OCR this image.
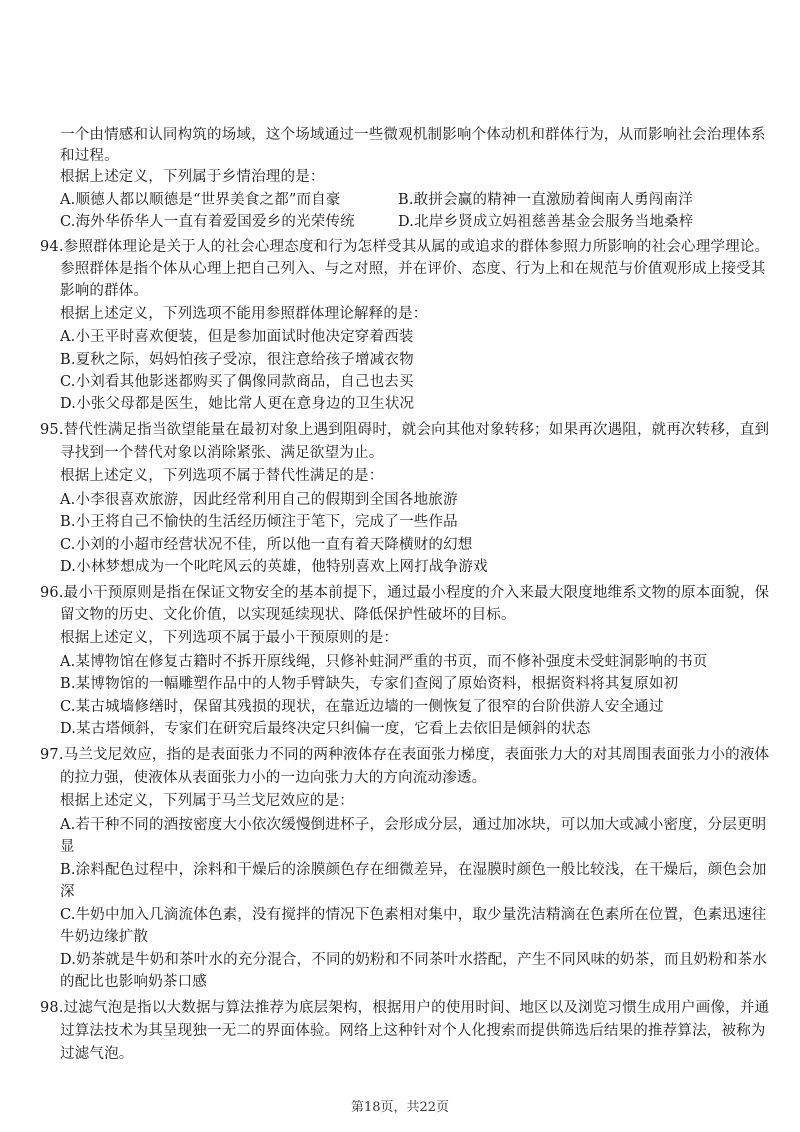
一个由情感和认同构筑的场域，这个场域通过一些微观机制影响个体动机和群体行为，从而影响社会治理体系
和过程。
根据上述定义，下列属于乡情治理的是：
A.顺德人都以顺德是“世界美食之都”而自豪	B.敢拼会赢的精神一直激励着闽南人勇闯南洋
C.海外华侨华人一直有着爱国爱乡的光荣传统	D.北岸乡贤成立妈祖慈善基金会服务当地桑梓
94.参照群体理论是关于人的社会心理态度和行为怎样受其从属的或追求的群体参照力所影响的社会心理学理论。
参照群体是指个体从心理上把自己列入、与之对照，并在评价、态度、行为上和在规范与价值观形成上接受其
影响的群体。
根据上述定义，下列选项不能用参照群体理论解释的是：
A.小王平时喜欢便装，但是参加面试时他决定穿着西装
B.夏秋之际，妈妈怕孩子受凉，很注意给孩子增减衣物
C.小刘看其他影迷都购买了偶像同款商品，自己也去买
D.小张父母都是医生，她比常人更在意身边的卫生状况
95.替代性满足指当欲望能量在最初对象上遇到阻碍时，就会向其他对象转移；如果再次遇阻，就再次转移，直到
寻找到一个替代对象以消除紧张、满足欲望为止。
根据上述定义，下列选项不属于替代性满足的是：
A.小李很喜欢旅游，因此经常利用自己的假期到全国各地旅游
B.小王将自己不愉快的生活经历倾注于笔下，完成了一些作品
C.小刘的小超市经营状况不佳，所以他一直有着天降横财的幻想
D.小林梦想成为一个叱咤风云的英雄，他特别喜欢上网打战争游戏
96.最小干预原则是指在保证文物安全的基本前提下，通过最小程度的介入来最大限度地维系文物的原本面貌，保
留文物的历史、文化价值，以实现延续现状、降低保护性破坏的目标。
根据上述定义，下列选项不属于最小干预原则的是：
A.某博物馆在修复古籍时不拆开原线绳，只修补蛀洞严重的书页，而不修补强度未受蛀洞影响的书页
B.某博物馆的一幅雕塑作品中的人物手臂缺失，专家们查阅了原始资料，根据资料将其复原如初
C.某古城墙修缮时，保留其残损的现状，在靠近边墙的一侧恢复了很窄的台阶供游人安全通过
D.某古塔倾斜，专家们在研究后最终决定只纠偏一度，它看上去依旧是倾斜的状态
97.马兰戈尼效应，指的是表面张力不同的两种液体存在表面张力梯度，表面张力大的对其周围表面张力小的液体
的拉力强，使液体从表面张力小的一边向张力大的方向流动渗透。
根据上述定义，下列属于马兰戈尼效应的是：
A.若干种不同的酒按密度大小依次缓慢倒进杯子，会形成分层，通过加冰块，可以加大或减小密度，分层更明
显
B.涂料配色过程中，涂料和干燥后的涂膜颜色存在细微差异，在湿膜时颜色一般比较浅，在干燥后，颜色会加
深
C.牛奶中加入几滴流体色素，没有搅拌的情况下色素相对集中，取少量洗洁精滴在色素所在位置，色素迅速往
牛奶边缘扩散
D.奶茶就是牛奶和茶叶水的充分混合，不同的奶粉和不同茶叶水搭配，产生不同风味的奶茶，而且奶粉和茶水
的配比也影响奶茶口感
98.过滤气泡是指以大数据与算法推荐为底层架构，根据用户的使用时间、地区以及浏览习惯生成用户画像，并通
过算法技术为其呈现独一无二的界面体验。网络上这种针对个人化搜索而提供筛选后结果的推荐算法，被称为
过滤气泡。
第18页，共22页
